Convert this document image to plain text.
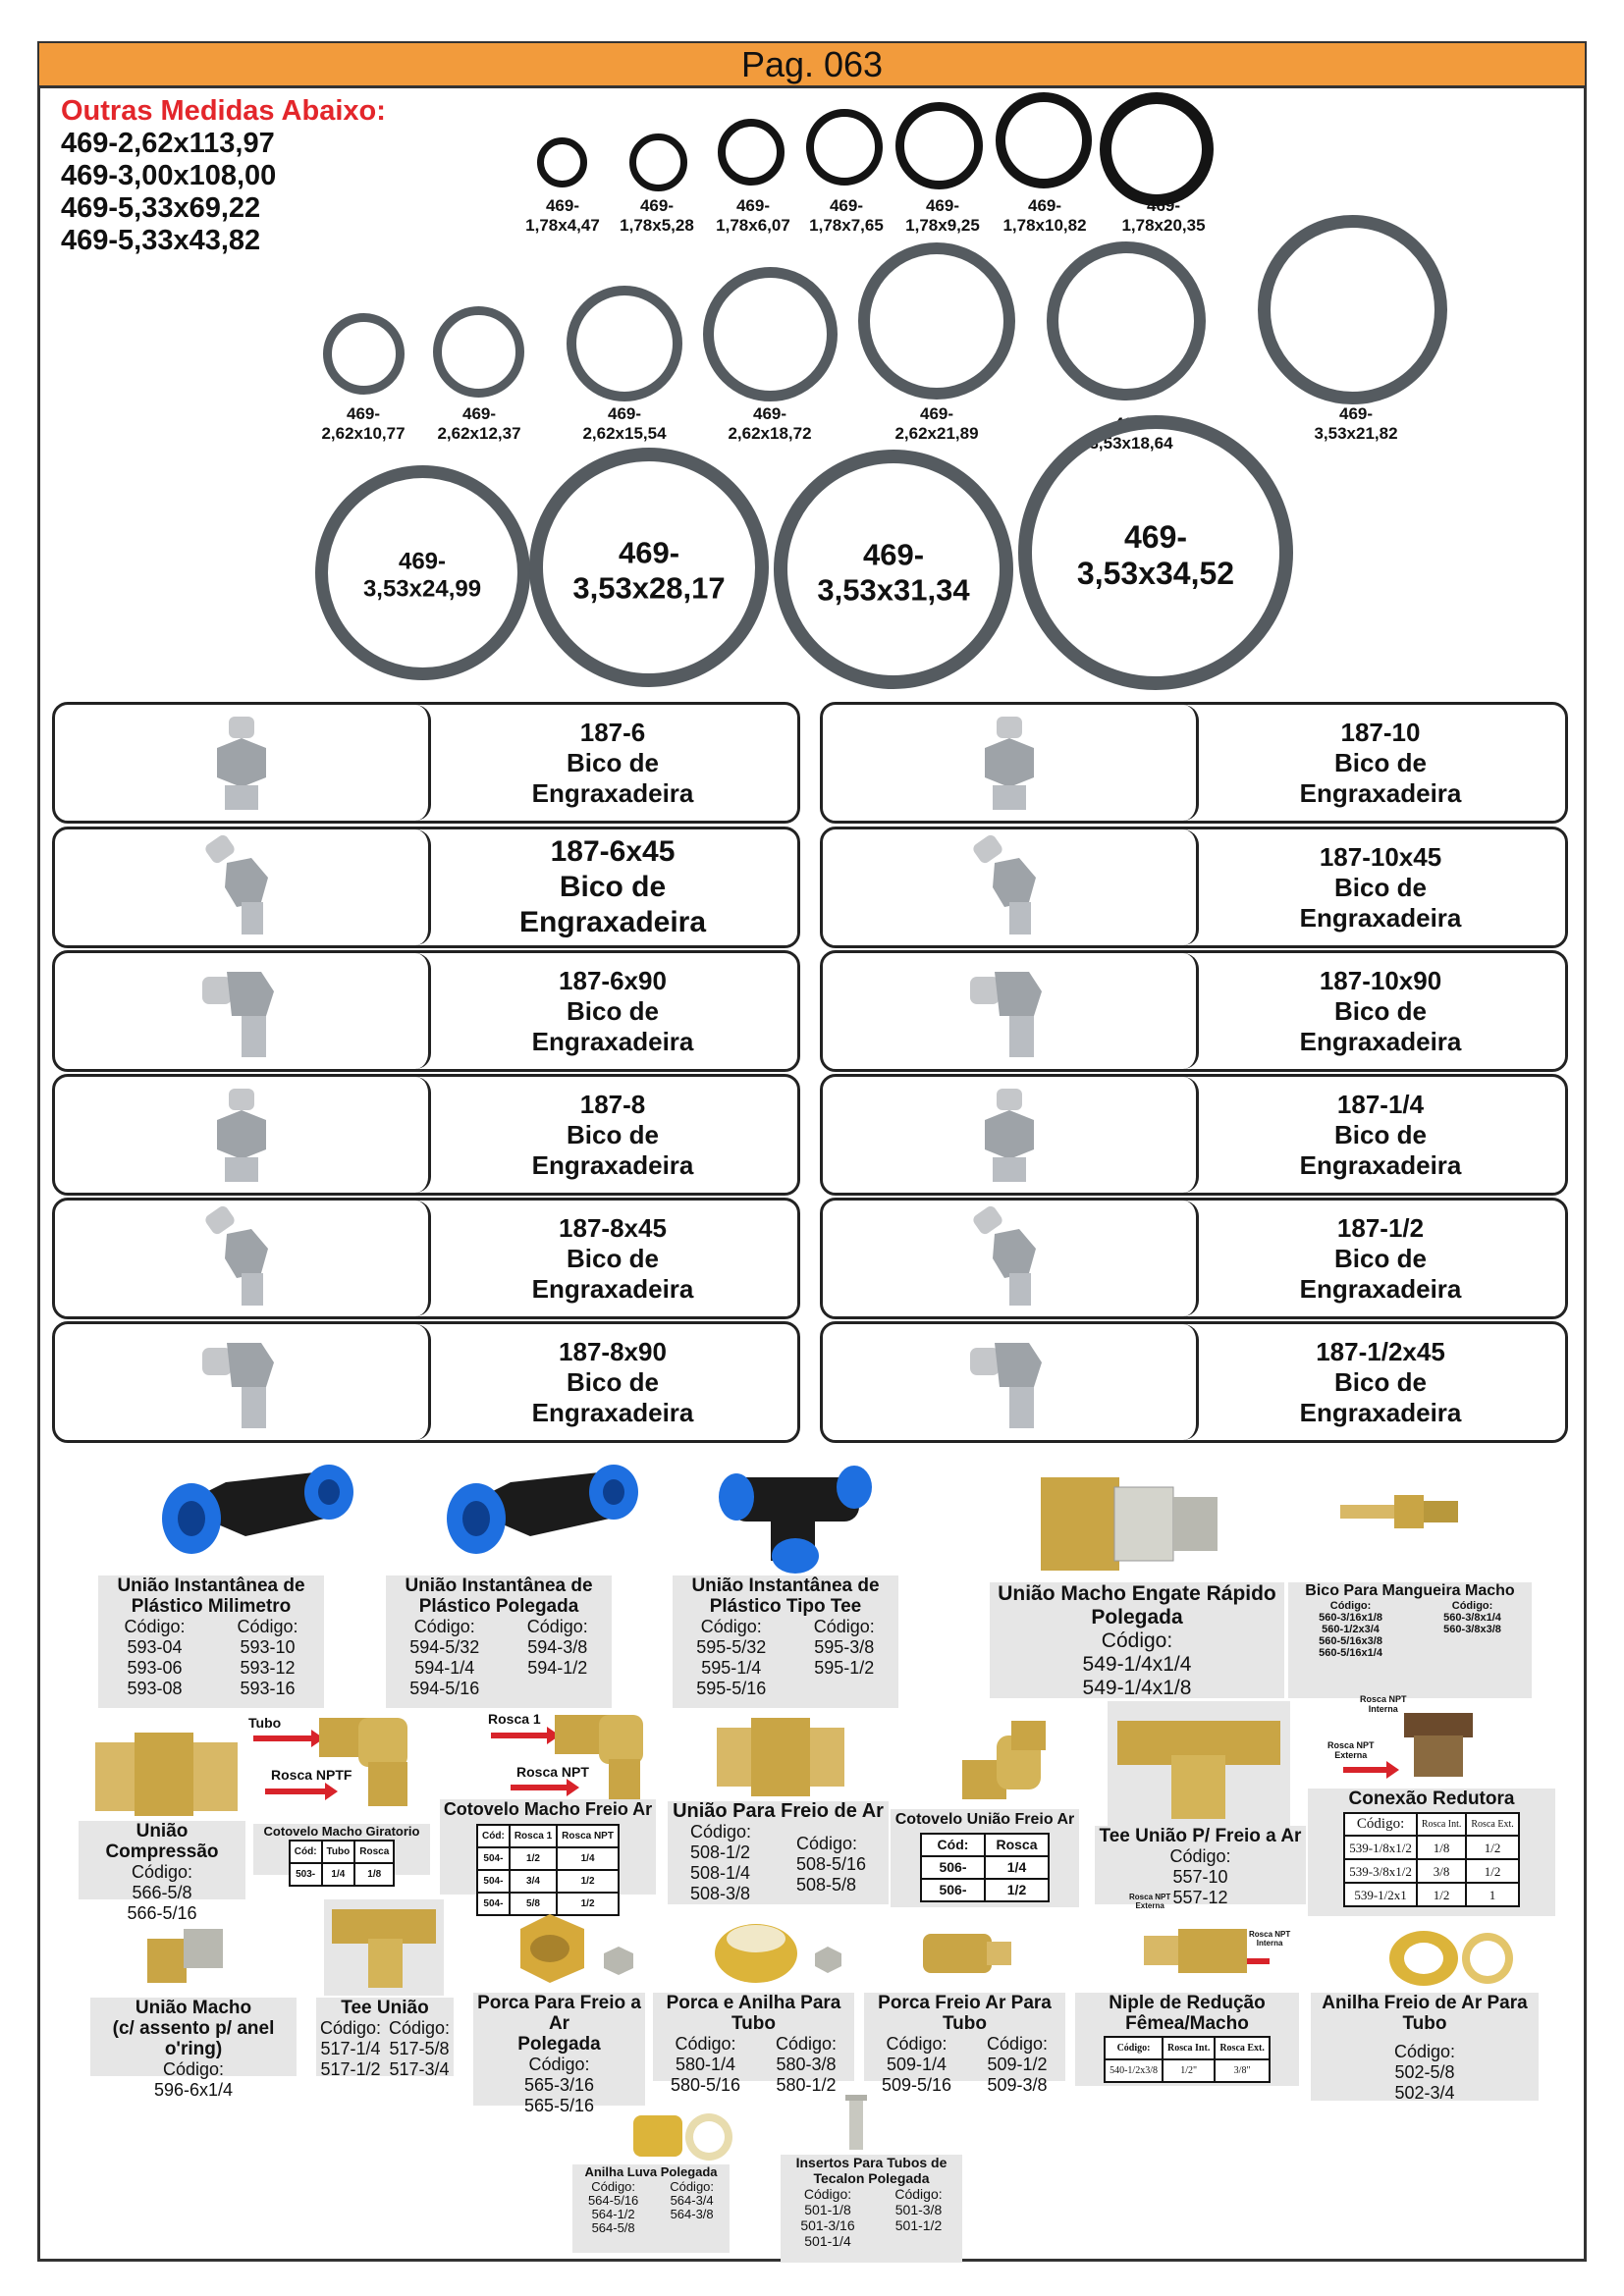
Pag. 063
Outras Medidas Abaixo:
469-2,62x113,97
469-3,00x108,00
469-5,33x69,22
469-5,33x43,82
469-
1,78x4,47
469-
1,78x5,28
469-
1,78x6,07
469-
1,78x7,65
469-
1,78x9,25
469-
1,78x10,82
469-
1,78x20,35
469-
2,62x10,77
469-
2,62x12,37
469-
2,62x15,54
469-
2,62x18,72
469-
2,62x21,89
469-
3,53x18,64
469-
3,53x21,82
469-
3,53x24,99
469-
3,53x28,17
469-
3,53x31,34
469-
3,53x34,52
187-6
Bico de
Engraxadeira
187-10
Bico de
Engraxadeira
187-6x45
Bico de
Engraxadeira
187-10x45
Bico de
Engraxadeira
187-6x90
Bico de
Engraxadeira
187-10x90
Bico de
Engraxadeira
187-8
Bico de
Engraxadeira
187-1/4
Bico de
Engraxadeira
187-8x45
Bico de
Engraxadeira
187-1/2
Bico de
Engraxadeira
187-8x90
Bico de
Engraxadeira
187-1/2x45
Bico de
Engraxadeira
União Instantânea de
Plástico Milimetro
Código:
593-04
593-06
593-08
Código:
593-10
593-12
593-16
União Instantânea de
Plástico Polegada
Código:
594-5/32
594-1/4
594-5/16
Código:
594-3/8
594-1/2
União Instantânea de
Plástico Tipo Tee
Código:
595-5/32
595-1/4
595-5/16
Código:
595-3/8
595-1/2
União Macho Engate Rápido
Polegada
Código:
549-1/4x1/4
549-1/4x1/8
Bico Para Mangueira Macho
Código:
560-3/16x1/8
560-1/2x3/4
560-5/16x3/8
560-5/16x1/4
Código:
560-3/8x1/4
560-3/8x3/8
Tubo
Rosca NPTF
União Compressão
Código:
566-5/8
566-5/16
Cotovelo Macho Giratorio
Cód:	Tubo	Rosca
503-	1/4	1/8
Rosca 1
Rosca NPT
Cotovelo Macho Freio Ar
Cód:	Rosca 1	Rosca NPT
504-	1/2	1/4
504-	3/4	1/2
504-	5/8	1/2
União Para Freio de Ar
Código:
508-1/2
508-1/4
508-3/8
Código:
508-5/16
508-5/8
Cotovelo União Freio Ar
Cód:	Rosca
506-	1/4
506-	1/2
Tee União P/ Freio a Ar
Código:
557-10
557-12
Rosca NPT
Interna
Rosca NPT
Externa
Conexão Redutora
Código:	Rosca Int.	Rosca Ext.
539-1/8x1/2	1/8	1/2
539-3/8x1/2	3/8	1/2
539-1/2x1	1/2	1
União Macho
(c/ assento p/ anel o'ring)
Código:
596-6x1/4
Tee União
Código:
517-1/4
517-1/2
Código:
517-5/8
517-3/4
Porca Para Freio a Ar
Polegada
Código:
565-3/16
565-5/16
Porca e Anilha Para Tubo
Código:
580-1/4
580-5/16
Código:
580-3/8
580-1/2
Porca Freio Ar Para Tubo
Código:
509-1/4
509-5/16
Código:
509-1/2
509-3/8
Rosca NPT
Externa
Rosca NPT
Interna
Niple de Redução
Fêmea/Macho
Código:	Rosca Int.	Rosca Ext.
540-1/2x3/8	1/2"	3/8"
Anilha Freio de Ar Para Tubo
Código:
502-5/8
502-3/4
Anilha Luva Polegada
Código:
564-5/16
564-1/2
564-5/8
Código:
564-3/4
564-3/8
Insertos Para Tubos de
Tecalon Polegada
Código:
501-1/8
501-3/16
501-1/4
Código:
501-3/8
501-1/2
